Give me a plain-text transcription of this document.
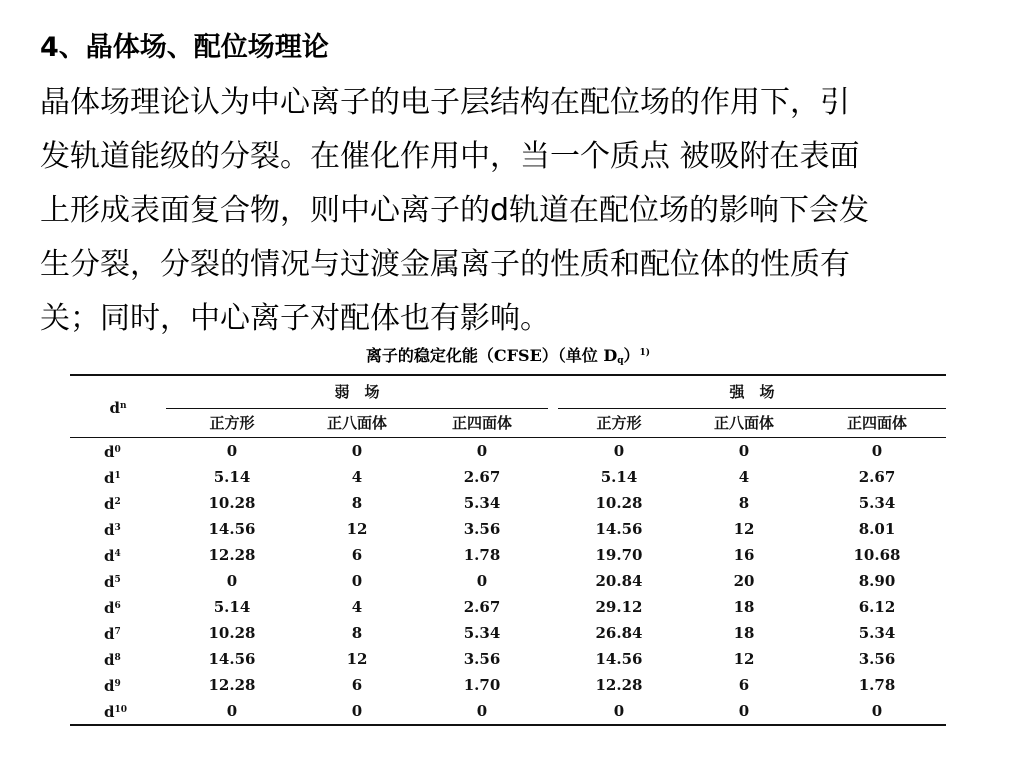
4、晶体场、配位场理论
晶体场理论认为中心离子的电子层结构在配位场的作用下，引
发轨道能级的分裂。在催化作用中，当一个质点 被吸附在表面
上形成表面复合物，则中心离子的d轨道在配位场的影响下会发
生分裂，分裂的情况与过渡金属离子的性质和配位体的性质有
关；同时，中心离子对配体也有影响。
离子的稳定化能（CFSE）（单位 Dq）$^{1)}$
$d^n$	弱　场				强　场		
	正方形	正八面体	正四面体		正方形	正八面体	正四面体
$d^0$	0	0	0		0	0	0
$d^1$	5.14	4	2.67		5.14	4	2.67
$d^2$	10.28	8	5.34		10.28	8	5.34
$d^3$	14.56	12	3.56		14.56	12	8.01
$d^4$	12.28	6	1.78		19.70	16	10.68
$d^5$	0	0	0		20.84	20	8.90
$d^6$	5.14	4	2.67		29.12	18	6.12
$d^7$	10.28	8	5.34		26.84	18	5.34
$d^8$	14.56	12	3.56		14.56	12	3.56
$d^9$	12.28	6	1.70		12.28	6	1.78
$d^{10}$	0	0	0		0	0	0
